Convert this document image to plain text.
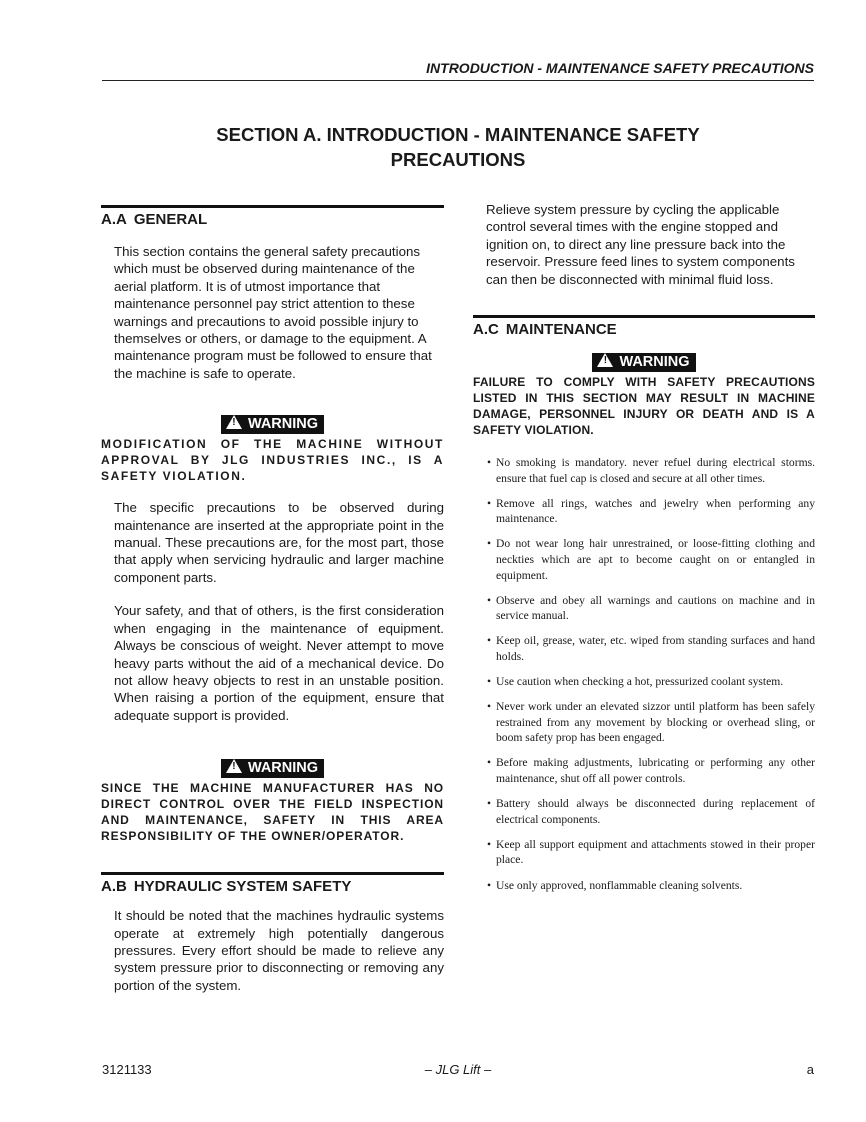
INTRODUCTION - MAINTENANCE SAFETY PRECAUTIONS
SECTION A. INTRODUCTION - MAINTENANCE SAFETY
PRECAUTIONS
A.A GENERAL

This section contains the general safety precautions which must be observed during maintenance of the aerial platform. It is of utmost importance that maintenance personnel pay strict attention to these warnings and precautions to avoid possible injury to themselves or others, or damage to the equipment. A maintenance program must be followed to ensure that the machine is safe to operate.

! WARNING

MODIFICATION OF THE MACHINE WITHOUT APPROVAL BY JLG INDUSTRIES INC., IS A SAFETY VIOLATION.

The specific precautions to be observed during maintenance are inserted at the appropriate point in the manual. These precautions are, for the most part, those that apply when servicing hydraulic and larger machine component parts.

Your safety, and that of others, is the first consideration when engaging in the maintenance of equipment. Always be conscious of weight. Never attempt to move heavy parts without the aid of a mechanical device. Do not allow heavy objects to rest in an unstable position. When raising a portion of the equipment, ensure that adequate support is provided.

! WARNING

SINCE THE MACHINE MANUFACTURER HAS NO DIRECT CONTROL OVER THE FIELD INSPECTION AND MAINTENANCE, SAFETY IN THIS AREA RESPONSIBILITY OF THE OWNER/OPERATOR.

A.B HYDRAULIC SYSTEM SAFETY

It should be noted that the machines hydraulic systems operate at extremely high potentially dangerous pressures. Every effort should be made to relieve any system pressure prior to disconnecting or removing any portion of the system.

Relieve system pressure by cycling the applicable control several times with the engine stopped and ignition on, to direct any line pressure back into the reservoir. Pressure feed lines to system components can then be disconnected with minimal fluid loss.

A.C MAINTENANCE
! WARNING

FAILURE TO COMPLY WITH SAFETY PRECAUTIONS LISTED IN THIS SECTION MAY RESULT IN MACHINE DAMAGE, PERSONNEL INJURY OR DEATH AND IS A SAFETY VIOLATION.

• No smoking is mandatory. never refuel during electrical storms. ensure that fuel cap is closed and secure at all other times.
• Remove all rings, watches and jewelry when performing any maintenance.
• Do not wear long hair unrestrained, or loose-fitting clothing and neckties which are apt to become caught on or entangled in equipment.
• Observe and obey all warnings and cautions on machine and in service manual.
• Keep oil, grease, water, etc. wiped from standing surfaces and hand holds.
• Use caution when checking a hot, pressurized coolant system.
• Never work under an elevated sizzor until platform has been safely restrained from any movement by blocking or overhead sling, or boom safety prop has been engaged.
• Before making adjustments, lubricating or performing any other maintenance, shut off all power controls.
• Battery should always be disconnected during replacement of electrical components.
• Keep all support equipment and attachments stowed in their proper place.
• Use only approved, nonflammable cleaning solvents.
3121133	– JLG Lift –	a
